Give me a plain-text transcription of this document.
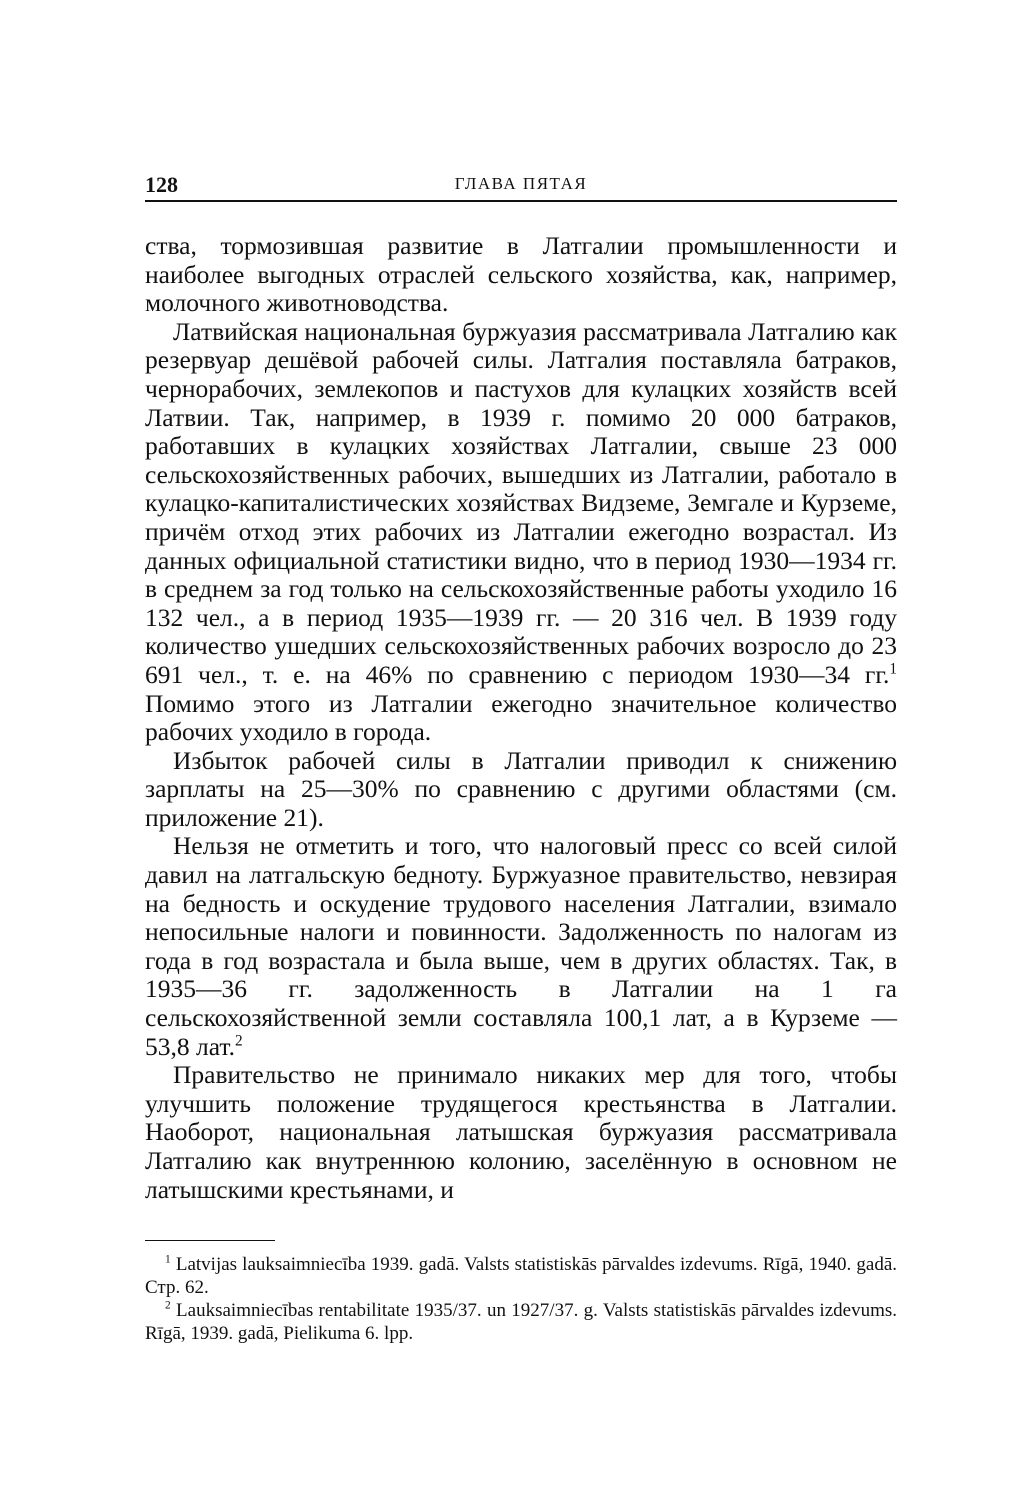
128	ГЛАВА ПЯТАЯ

ства, тормозившая развитие в Латгалии промышленности и наиболее выгодных отраслей сельского хозяйства, как, например, молочного животноводства.

Латвийская национальная буржуазия рассматривала Латгалию как резервуар дешёвой рабочей силы. Латгалия поставляла батраков, чернорабочих, землекопов и пастухов для кулацких хозяйств всей Латвии. Так, например, в 1939 г. помимо 20 000 батраков, работавших в кулацких хозяйствах Латгалии, свыше 23 000 сельскохозяйственных рабочих, вышедших из Латгалии, работало в кулацко-капиталистических хозяйствах Видземе, Земгале и Курземе, причём отход этих рабочих из Латгалии ежегодно возрастал. Из данных официальной статистики видно, что в период 1930—1934 гг. в среднем за год только на сельскохозяйственные работы уходило 16 132 чел., а в период 1935—1939 гг. — 20 316 чел. В 1939 году количество ушедших сельскохозяйственных рабочих возросло до 23 691 чел., т. е. на 46% по сравнению с периодом 1930—34 гг.$^1$ Помимо этого из Латгалии ежегодно значительное количество рабочих уходило в города.

Избыток рабочей силы в Латгалии приводил к снижению зарплаты на 25—30% по сравнению с другими областями (см. приложение 21).

Нельзя не отметить и того, что налоговый пресс со всей силой давил на латгальскую бедноту. Буржуазное правительство, невзирая на бедность и оскудение трудового населения Латгалии, взимало непосильные налоги и повинности. Задолженность по налогам из года в год возрастала и была выше, чем в других областях. Так, в 1935—36 гг. задолженность в Латгалии на 1 га сельскохозяйственной земли составляла 100,1 лат, а в Курземе — 53,8 лат.$^2$

Правительство не принимало никаких мер для того, чтобы улучшить положение трудящегося крестьянства в Латгалии. Наоборот, национальная латышская буржуазия рассматривала Латгалию как внутреннюю колонию, заселённую в основном не латышскими крестьянами, и

$^1$ Latvijas lauksaimniecība 1939. gadā. Valsts statistiskās pārvaldes izdevums. Rīgā, 1940. gadā. Стр. 62.

$^2$ Lauksaimniecības rentabilitate 1935/37. un 1927/37. g. Valsts statistiskās pārvaldes izdevums. Rīgā, 1939. gadā, Pielikuma 6. lpp.
